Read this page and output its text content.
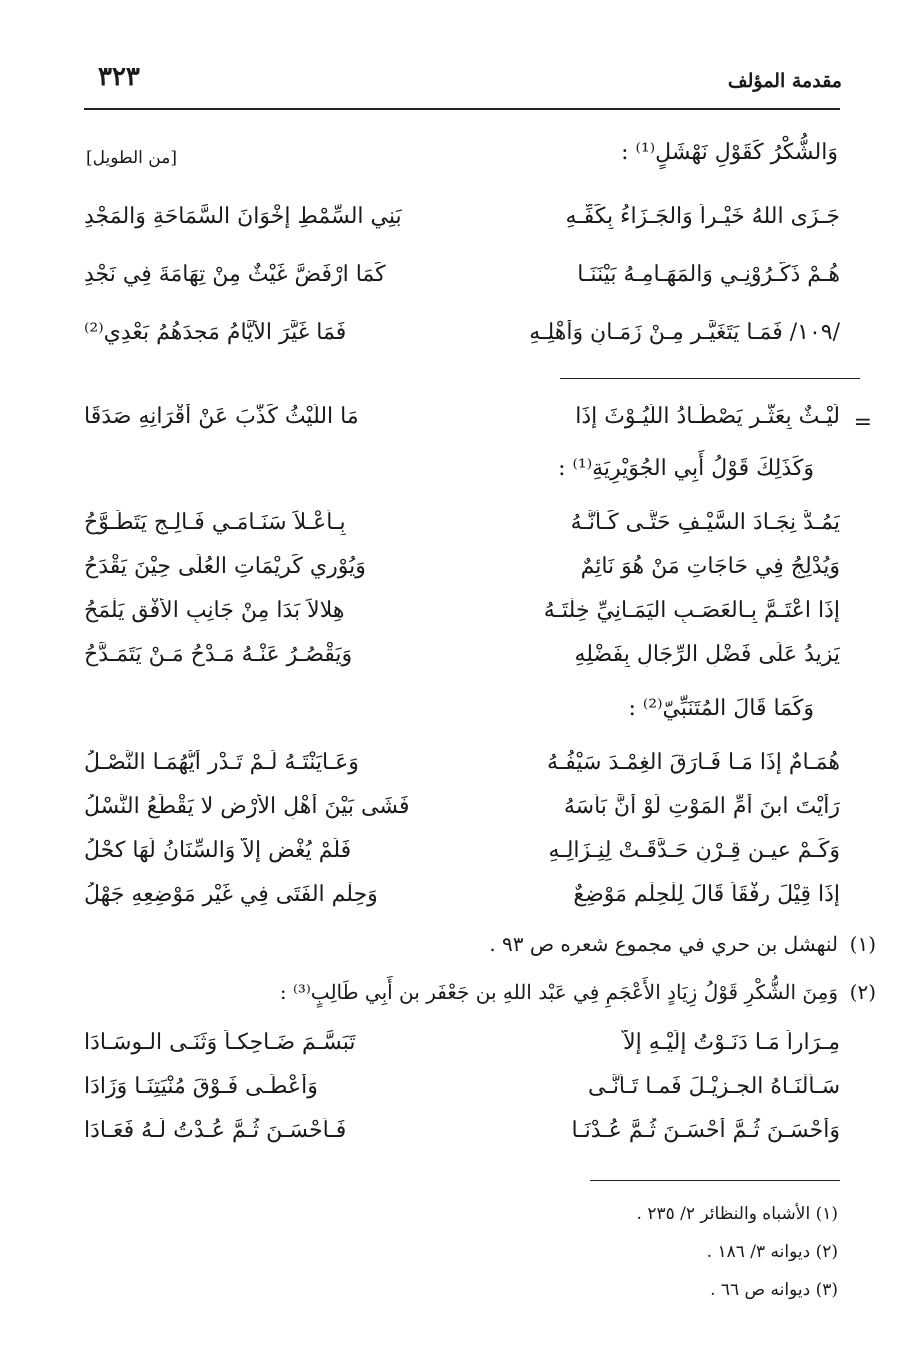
مقدمة المؤلف
٣٢٣
[من الطويل]	وَالشُّكْرُ كَقَوْلِ نَهْشَلٍ⁽¹⁾ :
جَـزَى اللهُ خَيْـراً وَالجَـزَاءُ بِكَفِّـهِ
بَنِي السِّمْطِ إِخْوَانَ السَّمَاحَةِ وَالمَجْدِ
هُـمْ ذَكَّـرُوْنِـي وَالمَهَـامِـهُ بَيْنَنَـا
كَمَا ارْفَضَّ غَيْثٌ مِنْ تِهَامَةَ فِي نَجْدِ
/١٠٩/ فَمَـا يَتَغَيَّـرِ مِـنْ زَمَـانٍ وَأَهْلِـهِ
فَمَا غَيَّرَ الأَيَّامُ مَجدَهُمُ بَعْدِي⁽²⁾
=
لَيْـثٌ بِعَثَّـرٍ يَصْطَـادُ اللُّيُـوْثَ إِذَا
مَا اللَّيْثُ كَذَّبَ عَنْ أَقْرَانِهِ صَدَقَا
وَكَذَلِكَ قَوْلُ أَبِي الجُوَيْرِيَةِ⁽¹⁾ :
يَمُـدُّ نِجَـادَ السَّيْـفِ حَتَّـى كَـأَنَّـهُ
بِـأَعْـلاَ سَنَـامَـي فَـالِـجٍ يَتَطَـوَّحُ
وَيُدْلِجُ فِي حَاجَاتِ مَنْ هُوَ نَائِمٌ
وَيُوْرِي كَرِيْمَاتِ العُلَى حِيْنَ يَقْدَحُ
إِذَا اعْتَـمَّ بِـالعَصَـبِ اليَمَـانِيِّ خِلْتَـهُ
هِلالاً بَدَا مِنْ جَانِبِ الأُفْقِ يَلْمَحُ
يَزِيدُ عَلَى فَضْلِ الرِّجَالِ بِفَضْلِهِ
وَيَقْصُـرُ عَنْـهُ مَـدْحُ مَـنْ يَتَمَـدَّحُ
وَكَمَا قَالَ المُتَنَبِّيّ⁽²⁾ :
هُمَـامٌ إِذَا مَـا فَـارَقَ الغِمْـدَ سَيْفُـهُ
وَعَـايَنْتَـهُ لَـمْ تَـدْرِ أَيُّهُمَـا النَّصْـلُ
رَأَيْتَ ابنَ أُمِّ المَوْتِ لَوْ أَنَّ بَأْسَهُ
فَشَى بَيْنَ أَهْلِ الأَرْضِ لا يَقْطَعُ النَّسْلُ
وَكَـمْ عيـنِ قِـرْنٍ حَـدَّقَـتْ لِنِـزَالِـهِ
فَلَمْ يُغْضِ إِلاَّ وَالسِّنَانُ لَهَا كحْلُ
إِذَا قِيْلَ رِفْقَاً قَالَ لِلْحِلْمِ مَوْضِعٌ
وَحِلْم الفَتَى فِي غَيْرِ مَوْضِعِهِ جَهْلُ
(١)
لنهشل بن حري في مجموع شعره ص ٩٣ .
(٢)
وَمِنَ الشُّكْرِ قَوْلُ زِيَادٍ الأَعْجَمِ فِي عَبْد اللهِ بن جَعْفَر بن أَبِي طَالِبٍ⁽³⁾ :
مِـرَاراً مَـا دَنَـوْتُ إِلَيْـهِ إِلاَّ
تَبَسَّـمَ ضَـاحِكـاً وَثَنَـى الـوِسَـادَا
سَـأَلْنَـاهُ الجـزِيْـلَ فَمـا تَـأَنَّـى
وَأَعْطَـى فَـوْقَ مُنْيَتِنَـا وَزَادَا
وَأَحْسَـنَ ثُـمَّ أَحْسَـنَ ثُـمَّ عُـدْنَـا
فَـأَحْسَـنَ ثُـمَّ عُـدْتُ لَـهُ فَعَـادَا
(١) الأشباه والنظائر ٢/ ٢٣٥ .
(٢) ديوانه ٣/ ١٨٦ .
(٣) ديوانه ص ٦٦ .
